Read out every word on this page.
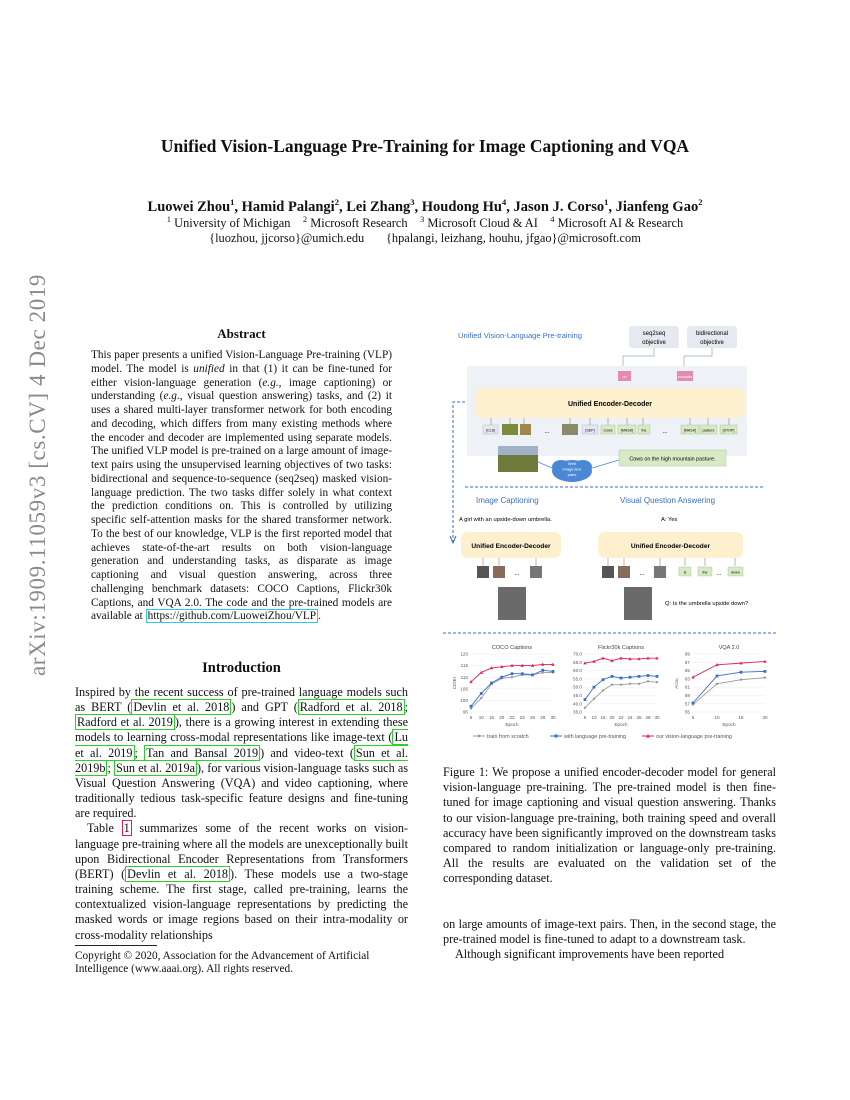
arXiv:1909.11059v3 [cs.CV] 4 Dec 2019
Unified Vision-Language Pre-Training for Image Captioning and VQA
Luowei Zhou$^1$, Hamid Palangi$^2$, Lei Zhang$^3$, Houdong Hu$^4$, Jason J. Corso$^1$, Jianfeng Gao$^2$
$^1$ University of Michigan $^2$ Microsoft Research $^3$ Microsoft Cloud & AI $^4$ Microsoft AI & Research
{luozhou, jjcorso}@umich.edu {hpalangi, leizhang, houhu, jfgao}@microsoft.com
Abstract
This paper presents a unified Vision-Language Pre-training (VLP) model. The model is unified in that (1) it can be fine-tuned for either vision-language generation (e.g., image captioning) or understanding (e.g., visual question answering) tasks, and (2) it uses a shared multi-layer transformer network for both encoding and decoding, which differs from many existing methods where the encoder and decoder are implemented using separate models. The unified VLP model is pre-trained on a large amount of image-text pairs using the unsupervised learning objectives of two tasks: bidirectional and sequence-to-sequence (seq2seq) masked vision-language prediction. The two tasks differ solely in what context the prediction conditions on. This is controlled by utilizing specific self-attention masks for the shared transformer network. To the best of our knowledge, VLP is the first reported model that achieves state-of-the-art results on both vision-language generation and understanding tasks, as disparate as image captioning and visual question answering, across three challenging benchmark datasets: COCO Captions, Flickr30k Captions, and VQA 2.0. The code and the pre-trained models are available at https://github.com/LuoweiZhou/VLP .
Introduction

Inspired by the recent success of pre-trained language models such as BERT ( Devlin et al. 2018 ) and GPT ( Radford et al. 2018 ; Radford et al. 2019 ), there is a growing interest in extending these models to learning cross-modal representations like image-text ( Lu et al. 2019 ; Tan and Bansal 2019 ) and video-text ( Sun et al. 2019b ; Sun et al. 2019a ), for various vision-language tasks such as Visual Question Answering (VQA) and video captioning, where traditionally tedious task-specific feature designs and fine-tuning are required.

Table 1 summarizes some of the recent works on vision-language pre-training where all the models are unexceptionally built upon Bidirectional Encoder Representations from Transformers (BERT) ( Devlin et al. 2018 ). These models use a two-stage training scheme. The first stage, called pre-training, learns the contextualized vision-language representations by predicting the masked words or image regions based on their intra-modality or cross-modality relationships

Copyright © 2020, Association for the Advancement of Artificial Intelligence (www.aaai.org). All rights reserved.
Unified Vision-Language Pre-training	seq2seq
objective
bidirectional
objective
on	mountain
Unified Encoder-Decoder
[CLS]	...	[SEP] Cows [MASK] the	...	[MASK] pasture [STOP]
Cows on the high mountain pasture.
Web
image-text
pairs
Image Captioning	Visual Question Answering
A girl with an upside-down umbrella.	A: Yes
Unified Encoder-Decoder	Unified Encoder-Decoder
...	...	is	the	down
...
Q: Is the umbrella upside down?
COCO Captions
95
100
105
110
115
120
5 10 15 20 22 24 26 28 30
Epoch
CIDEr
Flickr30k Captions
35.0
40.0
45.0
50.0
55.0
60.0
65.0
70.0
5 10 15 20 22 24 26 28 30
Epoch
VQA 2.0
55
57
59
61
63
65
67
69
5	10	15	20
Epoch
Accu.
train from scratch	with language pre-training	our vision-language pre-training
Figure 1: We propose a unified encoder-decoder model for general vision-language pre-training. The pre-trained model is then fine-tuned for image captioning and visual question answering. Thanks to our vision-language pre-training, both training speed and overall accuracy have been significantly improved on the downstream tasks compared to random initialization or language-only pre-training. All the results are evaluated on the validation set of the corresponding dataset.

on large amounts of image-text pairs. Then, in the second stage, the pre-trained model is fine-tuned to adapt to a downstream task.

Although significant improvements have been reported
